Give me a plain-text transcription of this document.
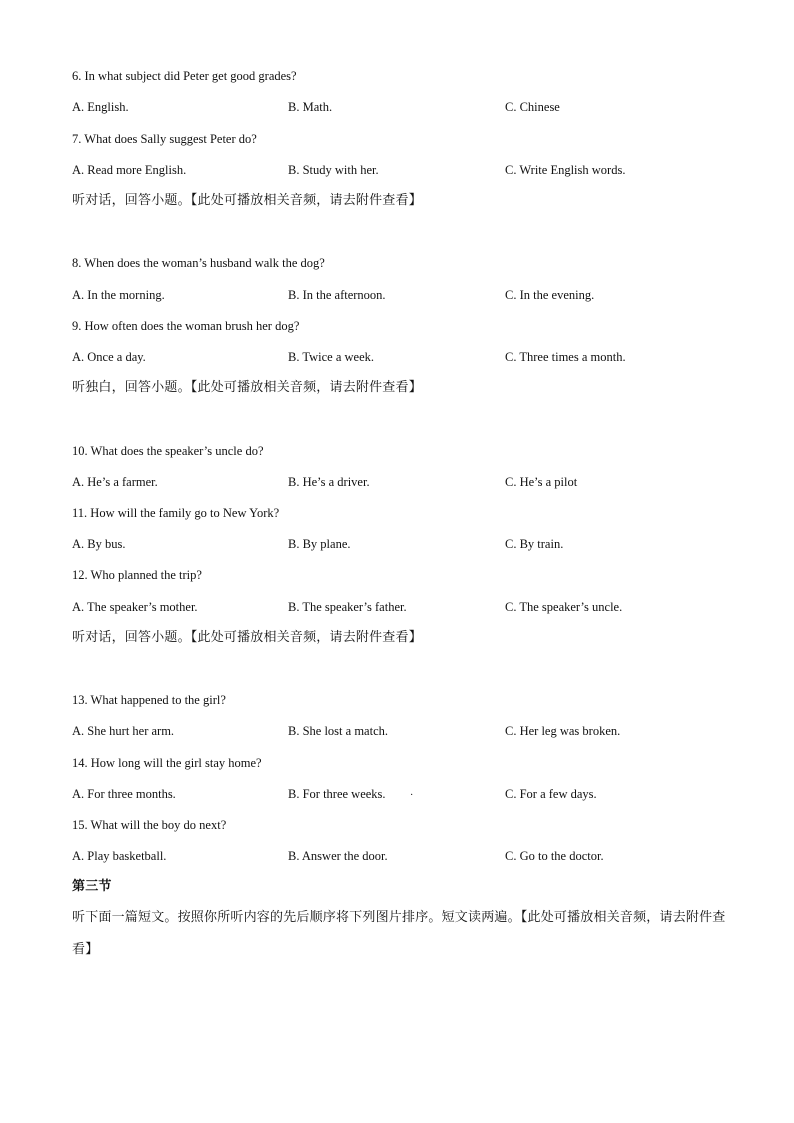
6. In what subject did Peter get good grades?
A. English.	B. Math.	C. Chinese
7. What does Sally suggest Peter do?
A. Read more English.	B. Study with her.	C. Write English words.
听对话，回答小题。【此处可播放相关音频，请去附件查看】
8. When does the woman’s husband walk the dog?
A. In the morning.	B. In the afternoon.	C. In the evening.
9. How often does the woman brush her dog?
A. Once a day.	B. Twice a week.	C. Three times a month.
听独白，回答小题。【此处可播放相关音频，请去附件查看】
10. What does the speaker’s uncle do?
A. He’s a farmer.	B. He’s a driver.	C. He’s a pilot
11. How will the family go to New York?
A. By bus.	B. By plane.	C. By train.
12. Who planned the trip?
A. The speaker’s mother.	B. The speaker’s father.	C. The speaker’s uncle.
听对话，回答小题。【此处可播放相关音频，请去附件查看】
13. What happened to the girl?
A. She hurt her arm.	B. She lost a match.	C. Her leg was broken.
14. How long will the girl stay home?
A. For three months.	B. For three weeks. ·	C. For a few days.
15. What will the boy do next?
A. Play basketball.	B. Answer the door.	C. Go to the doctor.
第三节
听下面一篇短文。按照你所听内容的先后顺序将下列图片排序。短文读两遍。【此处可播放相关音频，请去附件查看】
